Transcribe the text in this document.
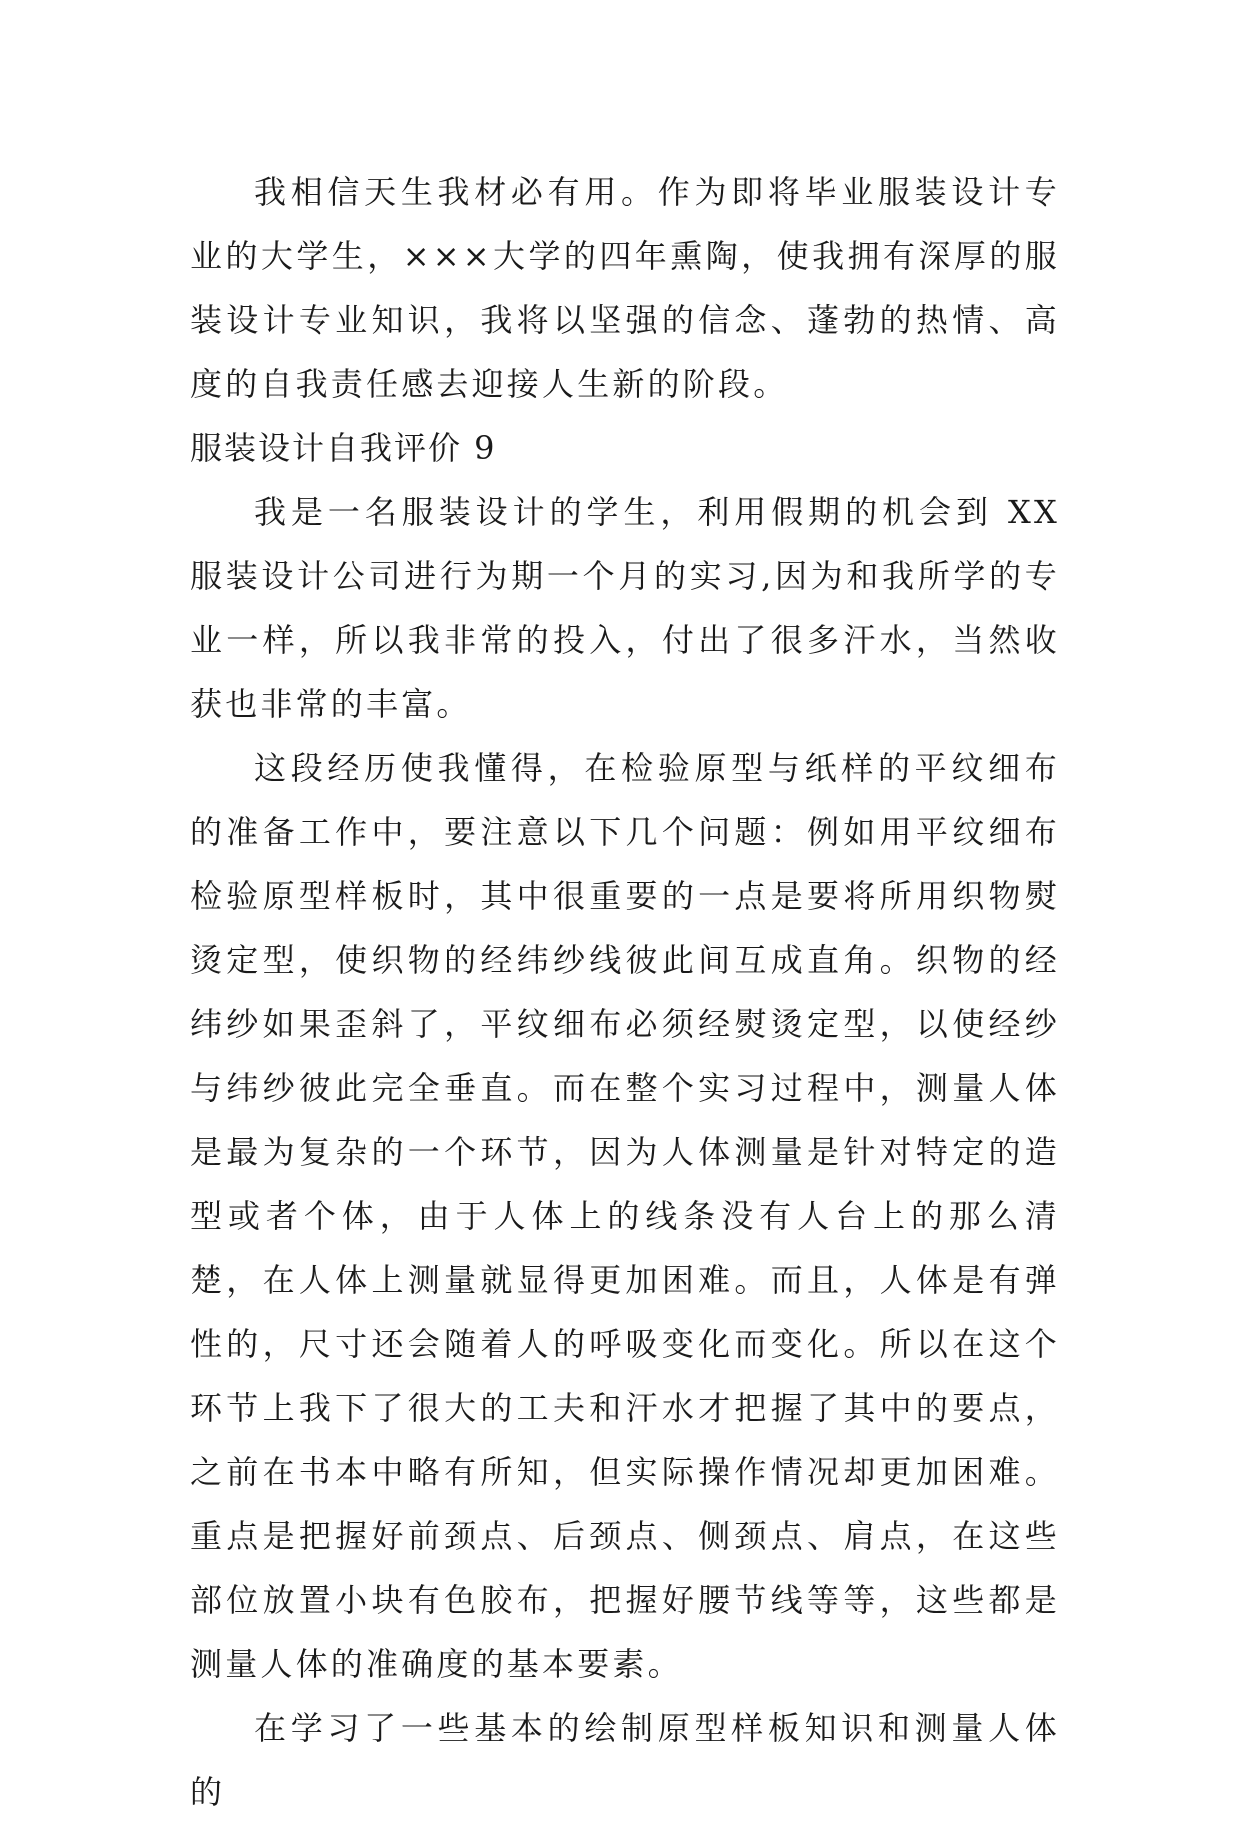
我相信天生我材必有用。作为即将毕业服装设计专业的大学生，×××大学的四年熏陶，使我拥有深厚的服装设计专业知识，我将以坚强的信念、蓬勃的热情、高度的自我责任感去迎接人生新的阶段。

服装设计自我评价 9

我是一名服装设计的学生，利用假期的机会到 XX 服装设计公司进行为期一个月的实习,因为和我所学的专业一样，所以我非常的投入，付出了很多汗水，当然收获也非常的丰富。

这段经历使我懂得，在检验原型与纸样的平纹细布的准备工作中，要注意以下几个问题：例如用平纹细布检验原型样板时，其中很重要的一点是要将所用织物熨烫定型，使织物的经纬纱线彼此间互成直角。织物的经纬纱如果歪斜了，平纹细布必须经熨烫定型，以使经纱与纬纱彼此完全垂直。而在整个实习过程中，测量人体是最为复杂的一个环节，因为人体测量是针对特定的造型或者个体，由于人体上的线条没有人台上的那么清楚，在人体上测量就显得更加困难。而且，人体是有弹性的，尺寸还会随着人的呼吸变化而变化。所以在这个环节上我下了很大的工夫和汗水才把握了其中的要点，之前在书本中略有所知，但实际操作情况却更加困难。重点是把握好前颈点、后颈点、侧颈点、肩点，在这些部位放置小块有色胶布，把握好腰节线等等，这些都是测量人体的准确度的基本要素。

在学习了一些基本的绘制原型样板知识和测量人体的
